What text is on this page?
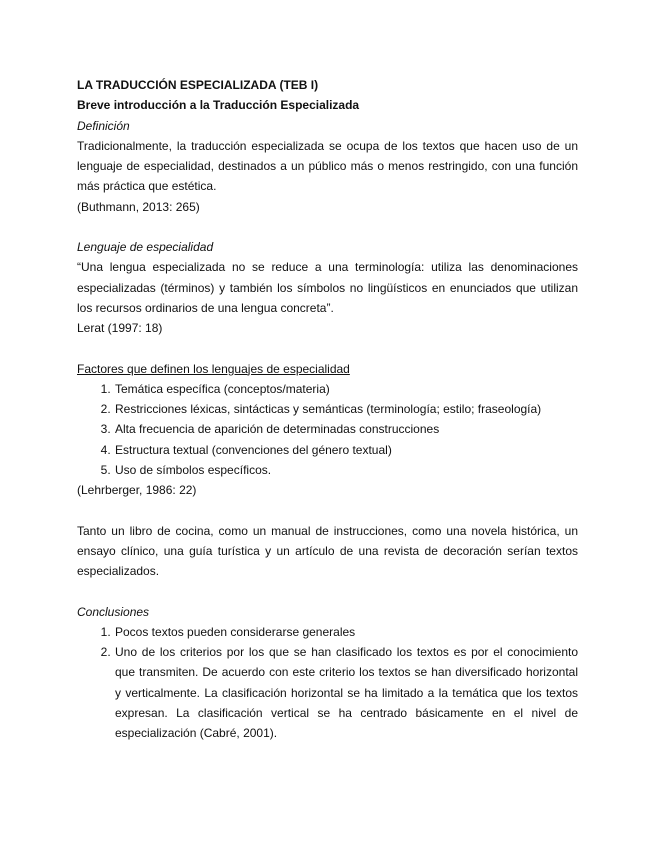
LA TRADUCCIÓN ESPECIALIZADA (TEB I)
Breve introducción a la Traducción Especializada
Definición
Tradicionalmente, la traducción especializada se ocupa de los textos que hacen uso de un lenguaje de especialidad, destinados a un público más o menos restringido, con una función más práctica que estética.
(Buthmann, 2013: 265)
Lenguaje de especialidad
“Una lengua especializada no se reduce a una terminología: utiliza las denominaciones especializadas (términos) y también los símbolos no lingüísticos en enunciados que utilizan los recursos ordinarios de una lengua concreta”.
Lerat (1997: 18)
Factores que definen los lenguajes de especialidad
1. Temática específica (conceptos/materia)
2. Restricciones léxicas, sintácticas y semánticas (terminología; estilo; fraseología)
3. Alta frecuencia de aparición de determinadas construcciones
4. Estructura textual (convenciones del género textual)
5. Uso de símbolos específicos.
(Lehrberger, 1986: 22)
Tanto un libro de cocina, como un manual de instrucciones, como una novela histórica, un ensayo clínico, una guía turística y un artículo de una revista de decoración serían textos especializados.
Conclusiones
1. Pocos textos pueden considerarse generales
2. Uno de los criterios por los que se han clasificado los textos es por el conocimiento que transmiten. De acuerdo con este criterio los textos se han diversificado horizontal y verticalmente. La clasificación horizontal se ha limitado a la temática que los textos expresan. La clasificación vertical se ha centrado básicamente en el nivel de especialización (Cabré, 2001).
